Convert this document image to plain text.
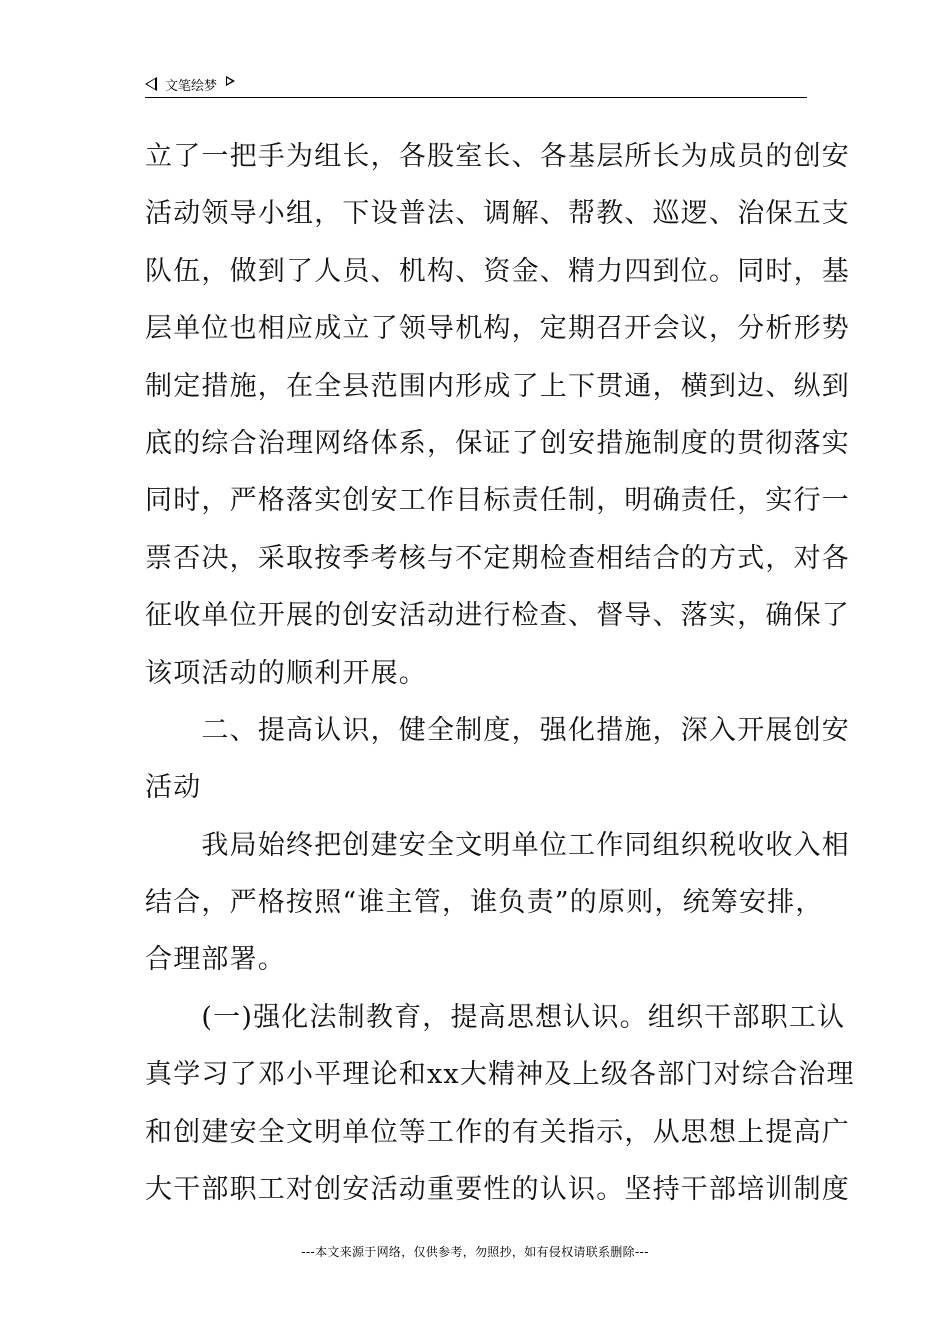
文笔绘梦
立了一把手为组长，各股室长、各基层所长为成员的创安
活动领导小组，下设普法、调解、帮教、巡逻、治保五支
队伍，做到了人员、机构、资金、精力四到位。同时，基
层单位也相应成立了领导机构，定期召开会议，分析形势
制定措施，在全县范围内形成了上下贯通，横到边、纵到
底的综合治理网络体系，保证了创安措施制度的贯彻落实
同时，严格落实创安工作目标责任制，明确责任，实行一
票否决，采取按季考核与不定期检查相结合的方式，对各
征收单位开展的创安活动进行检查、督导、落实，确保了
该项活动的顺利开展。
　　二、提高认识，健全制度，强化措施，深入开展创安
活动
　　我局始终把创建安全文明单位工作同组织税收收入相
结合，严格按照“谁主管，谁负责”的原则，统筹安排，
合理部署。
　　(一)强化法制教育，提高思想认识。组织干部职工认
真学习了邓小平理论和xx大精神及上级各部门对综合治理
和创建安全文明单位等工作的有关指示，从思想上提高广
大干部职工对创安活动重要性的认识。坚持干部培训制度
---本文来源于网络，仅供参考，勿照抄，如有侵权请联系删除---
